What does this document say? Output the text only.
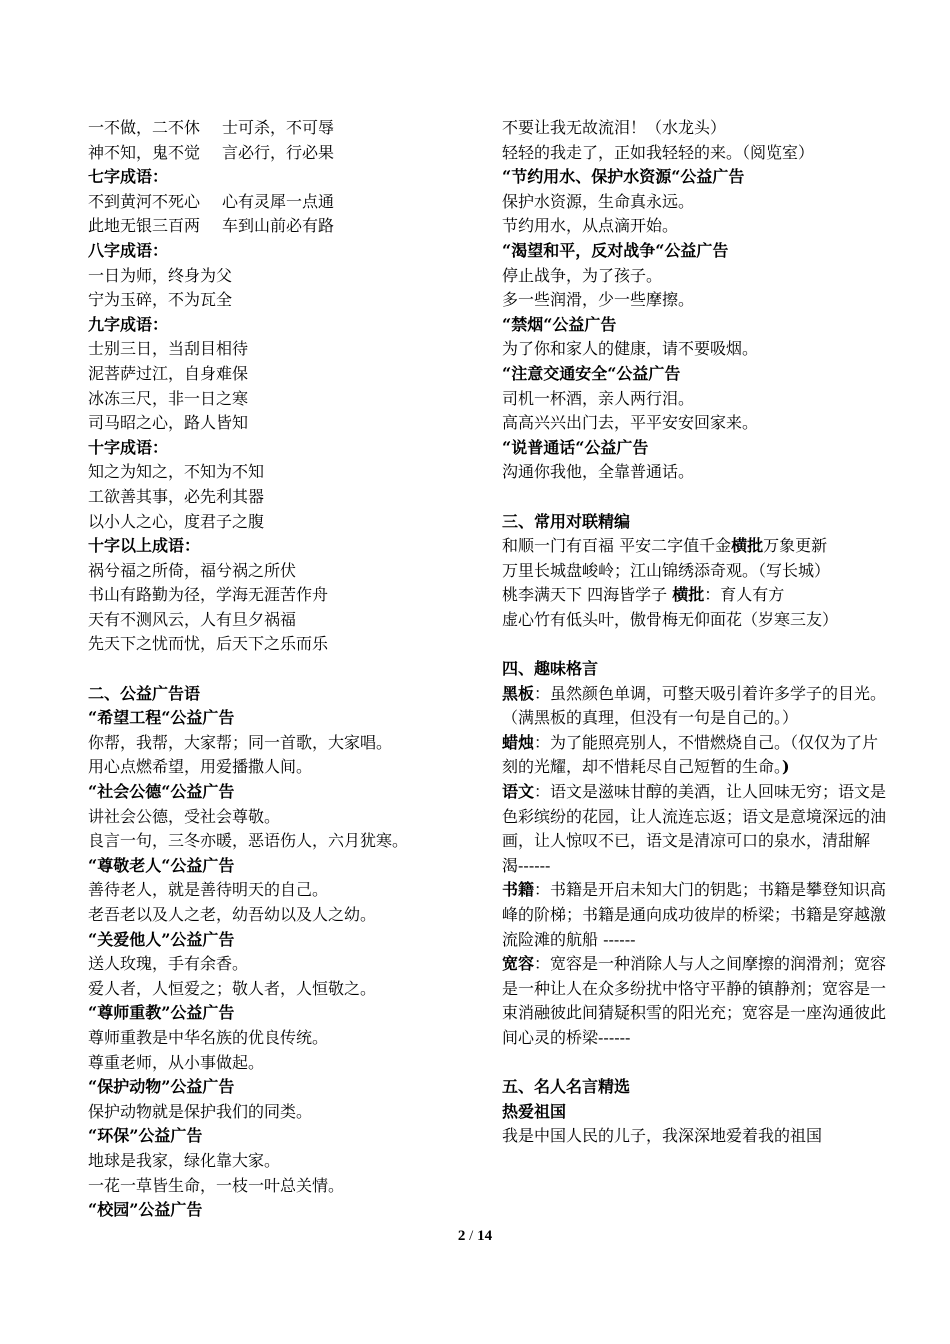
一不做，二不休 士可杀，不可辱
神不知，鬼不觉 言必行，行必果
七字成语：
不到黄河不死心 心有灵犀一点通
此地无银三百两 车到山前必有路
八字成语：
一日为师，终身为父
宁为玉碎，不为瓦全
九字成语：
士别三日，当刮目相待
泥菩萨过江，自身难保
冰冻三尺，非一日之寒
司马昭之心，路人皆知
十字成语：
知之为知之，不知为不知
工欲善其事，必先利其器
以小人之心，度君子之腹
十字以上成语：
祸兮福之所倚，福兮祸之所伏
书山有路勤为径，学海无涯苦作舟
天有不测风云，人有旦夕祸福
先天下之忧而忧，后天下之乐而乐
二、公益广告语
“希望工程“公益广告
你帮，我帮，大家帮；同一首歌，大家唱。
用心点燃希望，用爱播撒人间。
“社会公德“公益广告
讲社会公德，受社会尊敬。
良言一句，三冬亦暖，恶语伤人，六月犹寒。
“尊敬老人“公益广告
善待老人，就是善待明天的自己。
老吾老以及人之老，幼吾幼以及人之幼。
“关爱他人”公益广告
送人玫瑰，手有余香。
爱人者，人恒爱之；敬人者，人恒敬之。
“尊师重教”公益广告
尊师重教是中华名族的优良传统。
尊重老师，从小事做起。
“保护动物”公益广告
保护动物就是保护我们的同类。
“环保”公益广告
地球是我家，绿化靠大家。
一花一草皆生命，一枝一叶总关情。
“校园”公益广告
不要让我无故流泪！（水龙头）
轻轻的我走了，正如我轻轻的来。（阅览室）
“节约用水、保护水资源“公益广告
保护水资源，生命真永远。
节约用水，从点滴开始。
“渴望和平，反对战争“公益广告
停止战争，为了孩子。
多一些润滑，少一些摩擦。
“禁烟“公益广告
为了你和家人的健康，请不要吸烟。
“注意交通安全“公益广告
司机一杯酒，亲人两行泪。
高高兴兴出门去，平平安安回家来。
“说普通话“公益广告
沟通你我他，全靠普通话。
三、常用对联精编
和顺一门有百福 平安二字值千金横批万象更新
万里长城盘峻岭；江山锦绣添奇观。（写长城）
桃李满天下 四海皆学子 横批：育人有方
虚心竹有低头叶，傲骨梅无仰面花（岁寒三友）
四、趣味格言
黑板：虽然颜色单调，可整天吸引着许多学子的目光。（满黑板的真理，但没有一句是自己的。）
蜡烛：为了能照亮别人，不惜燃烧自己。（仅仅为了片刻的光耀，却不惜耗尽自己短暂的生命。)
语文：语文是滋味甘醇的美酒，让人回味无穷；语文是色彩缤纷的花园，让人流连忘返；语文是意境深远的油画，让人惊叹不已，语文是清凉可口的泉水，清甜解渴------
书籍：书籍是开启未知大门的钥匙；书籍是攀登知识高峰的阶梯；书籍是通向成功彼岸的桥梁；书籍是穿越激流险滩的航船 ------
宽容：宽容是一种消除人与人之间摩擦的润滑剂；宽容是一种让人在众多纷扰中恪守平静的镇静剂；宽容是一束消融彼此间猜疑积雪的阳光充；宽容是一座沟通彼此间心灵的桥梁------
五、名人名言精选
热爱祖国
我是中国人民的儿子，我深深地爱着我的祖国
2 / 14
